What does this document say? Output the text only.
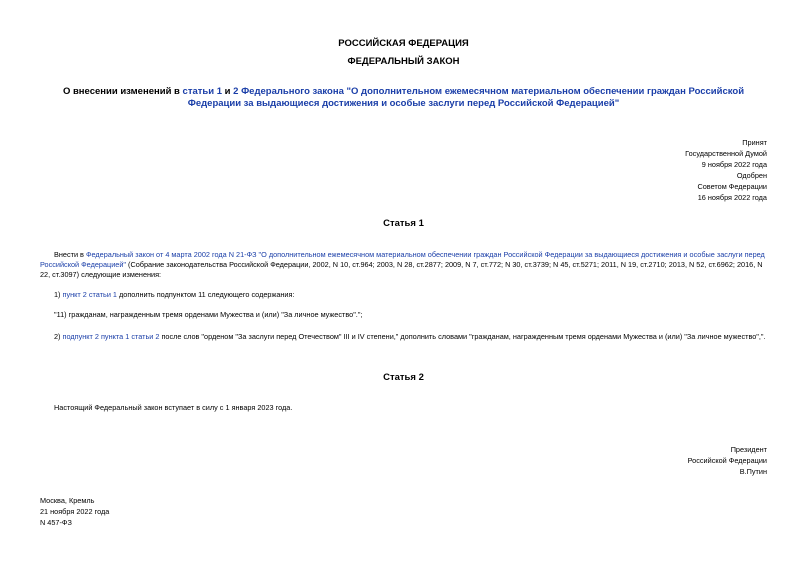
РОССИЙСКАЯ ФЕДЕРАЦИЯ
ФЕДЕРАЛЬНЫЙ ЗАКОН
О внесении изменений в статьи 1 и 2 Федерального закона "О дополнительном ежемесячном материальном обеспечении граждан Российской Федерации за выдающиеся достижения и особые заслуги перед Российской Федерацией"
Принят
Государственной Думой
9 ноября 2022 года
Одобрен
Советом Федерации
16 ноября 2022 года
Статья 1
Внести в Федеральный закон от 4 марта 2002 года N 21-ФЗ "О дополнительном ежемесячном материальном обеспечении граждан Российской Федерации за выдающиеся достижения и особые заслуги перед Российской Федерацией" (Собрание законодательства Российской Федерации, 2002, N 10, ст.964; 2003, N 28, ст.2877; 2009, N 7, ст.772; N 30, ст.3739; N 45, ст.5271; 2011, N 19, ст.2710; 2013, N 52, ст.6962; 2016, N 22, ст.3097) следующие изменения:
1) пункт 2 статьи 1 дополнить подпунктом 11 следующего содержания:
"11) гражданам, награжденным тремя орденами Мужества и (или) "За личное мужество".";
2) подпункт 2 пункта 1 статьи 2 после слов "орденом "За заслуги перед Отечеством" III и IV степени," дополнить словами "гражданам, награжденным тремя орденами Мужества и (или) "За личное мужество",".
Статья 2
Настоящий Федеральный закон вступает в силу с 1 января 2023 года.
Президент
Российской Федерации
В.Путин
Москва, Кремль
21 ноября 2022 года
N 457-ФЗ
